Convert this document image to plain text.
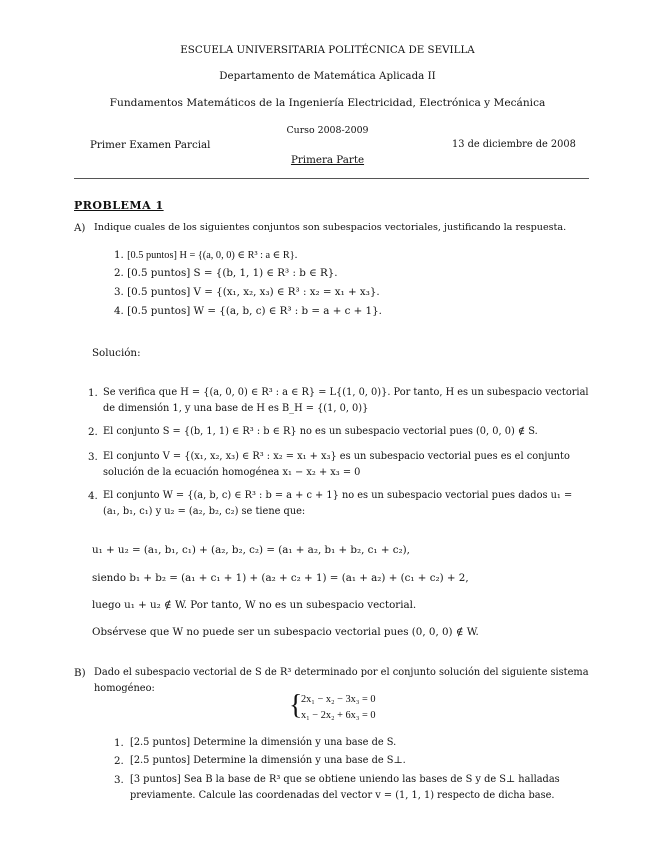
ESCUELA UNIVERSITARIA POLITÉCNICA DE SEVILLA
Departamento de Matemática Aplicada II
Fundamentos Matemáticos de la Ingeniería Electricidad, Electrónica y Mecánica
Curso 2008-2009
Primer Examen Parcial	13 de diciembre de 2008
Primera Parte
PROBLEMA 1
A) Indique cuales de los siguientes conjuntos son subespacios vectoriales, justificando la respuesta.
1. [0.5 puntos] H = {(a, 0, 0) ∈ R³ : a ∈ R}.
2. [0.5 puntos] S = {(b, 1, 1) ∈ R³ : b ∈ R}.
3. [0.5 puntos] V = {(x₁, x₂, x₃) ∈ R³ : x₂ = x₁ + x₃}.
4. [0.5 puntos] W = {(a, b, c) ∈ R³ : b = a + c + 1}.
Solución:
1. Se verifica que H = {(a, 0, 0) ∈ R³ : a ∈ R} = L{(1, 0, 0)}. Por tanto, H es un subespacio vectorial
de dimensión 1, y una base de H es B_H = {(1, 0, 0)}
2. El conjunto S = {(b, 1, 1) ∈ R³ : b ∈ R} no es un subespacio vectorial pues (0, 0, 0) ∉ S.
3. El conjunto V = {(x₁, x₂, x₃) ∈ R³ : x₂ = x₁ + x₃} es un subespacio vectorial pues es el conjunto
solución de la ecuación homogénea x₁ − x₂ + x₃ = 0
4. El conjunto W = {(a, b, c) ∈ R³ : b = a + c + 1} no es un subespacio vectorial pues dados u₁ =
(a₁, b₁, c₁) y u₂ = (a₂, b₂, c₂) se tiene que:
u₁ + u₂ = (a₁, b₁, c₁) + (a₂, b₂, c₂) = (a₁ + a₂, b₁ + b₂, c₁ + c₂),
siendo b₁ + b₂ = (a₁ + c₁ + 1) + (a₂ + c₂ + 1) = (a₁ + a₂) + (c₁ + c₂) + 2,
luego u₁ + u₂ ∉ W. Por tanto, W no es un subespacio vectorial.
Obsérvese que W no puede ser un subespacio vectorial pues (0, 0, 0) ∉ W.
B) Dado el subespacio vectorial de S de R³ determinado por el conjunto solución del siguiente sistema
homogéneo:
{
2x₁ − x₂ − 3x₃ = 0
x₁ − 2x₂ + 6x₃ = 0
1. [2.5 puntos] Determine la dimensión y una base de S.
2. [2.5 puntos] Determine la dimensión y una base de S⊥.
3. [3 puntos] Sea B la base de R³ que se obtiene uniendo las bases de S y de S⊥ halladas
previamente. Calcule las coordenadas del vector v = (1, 1, 1) respecto de dicha base.
